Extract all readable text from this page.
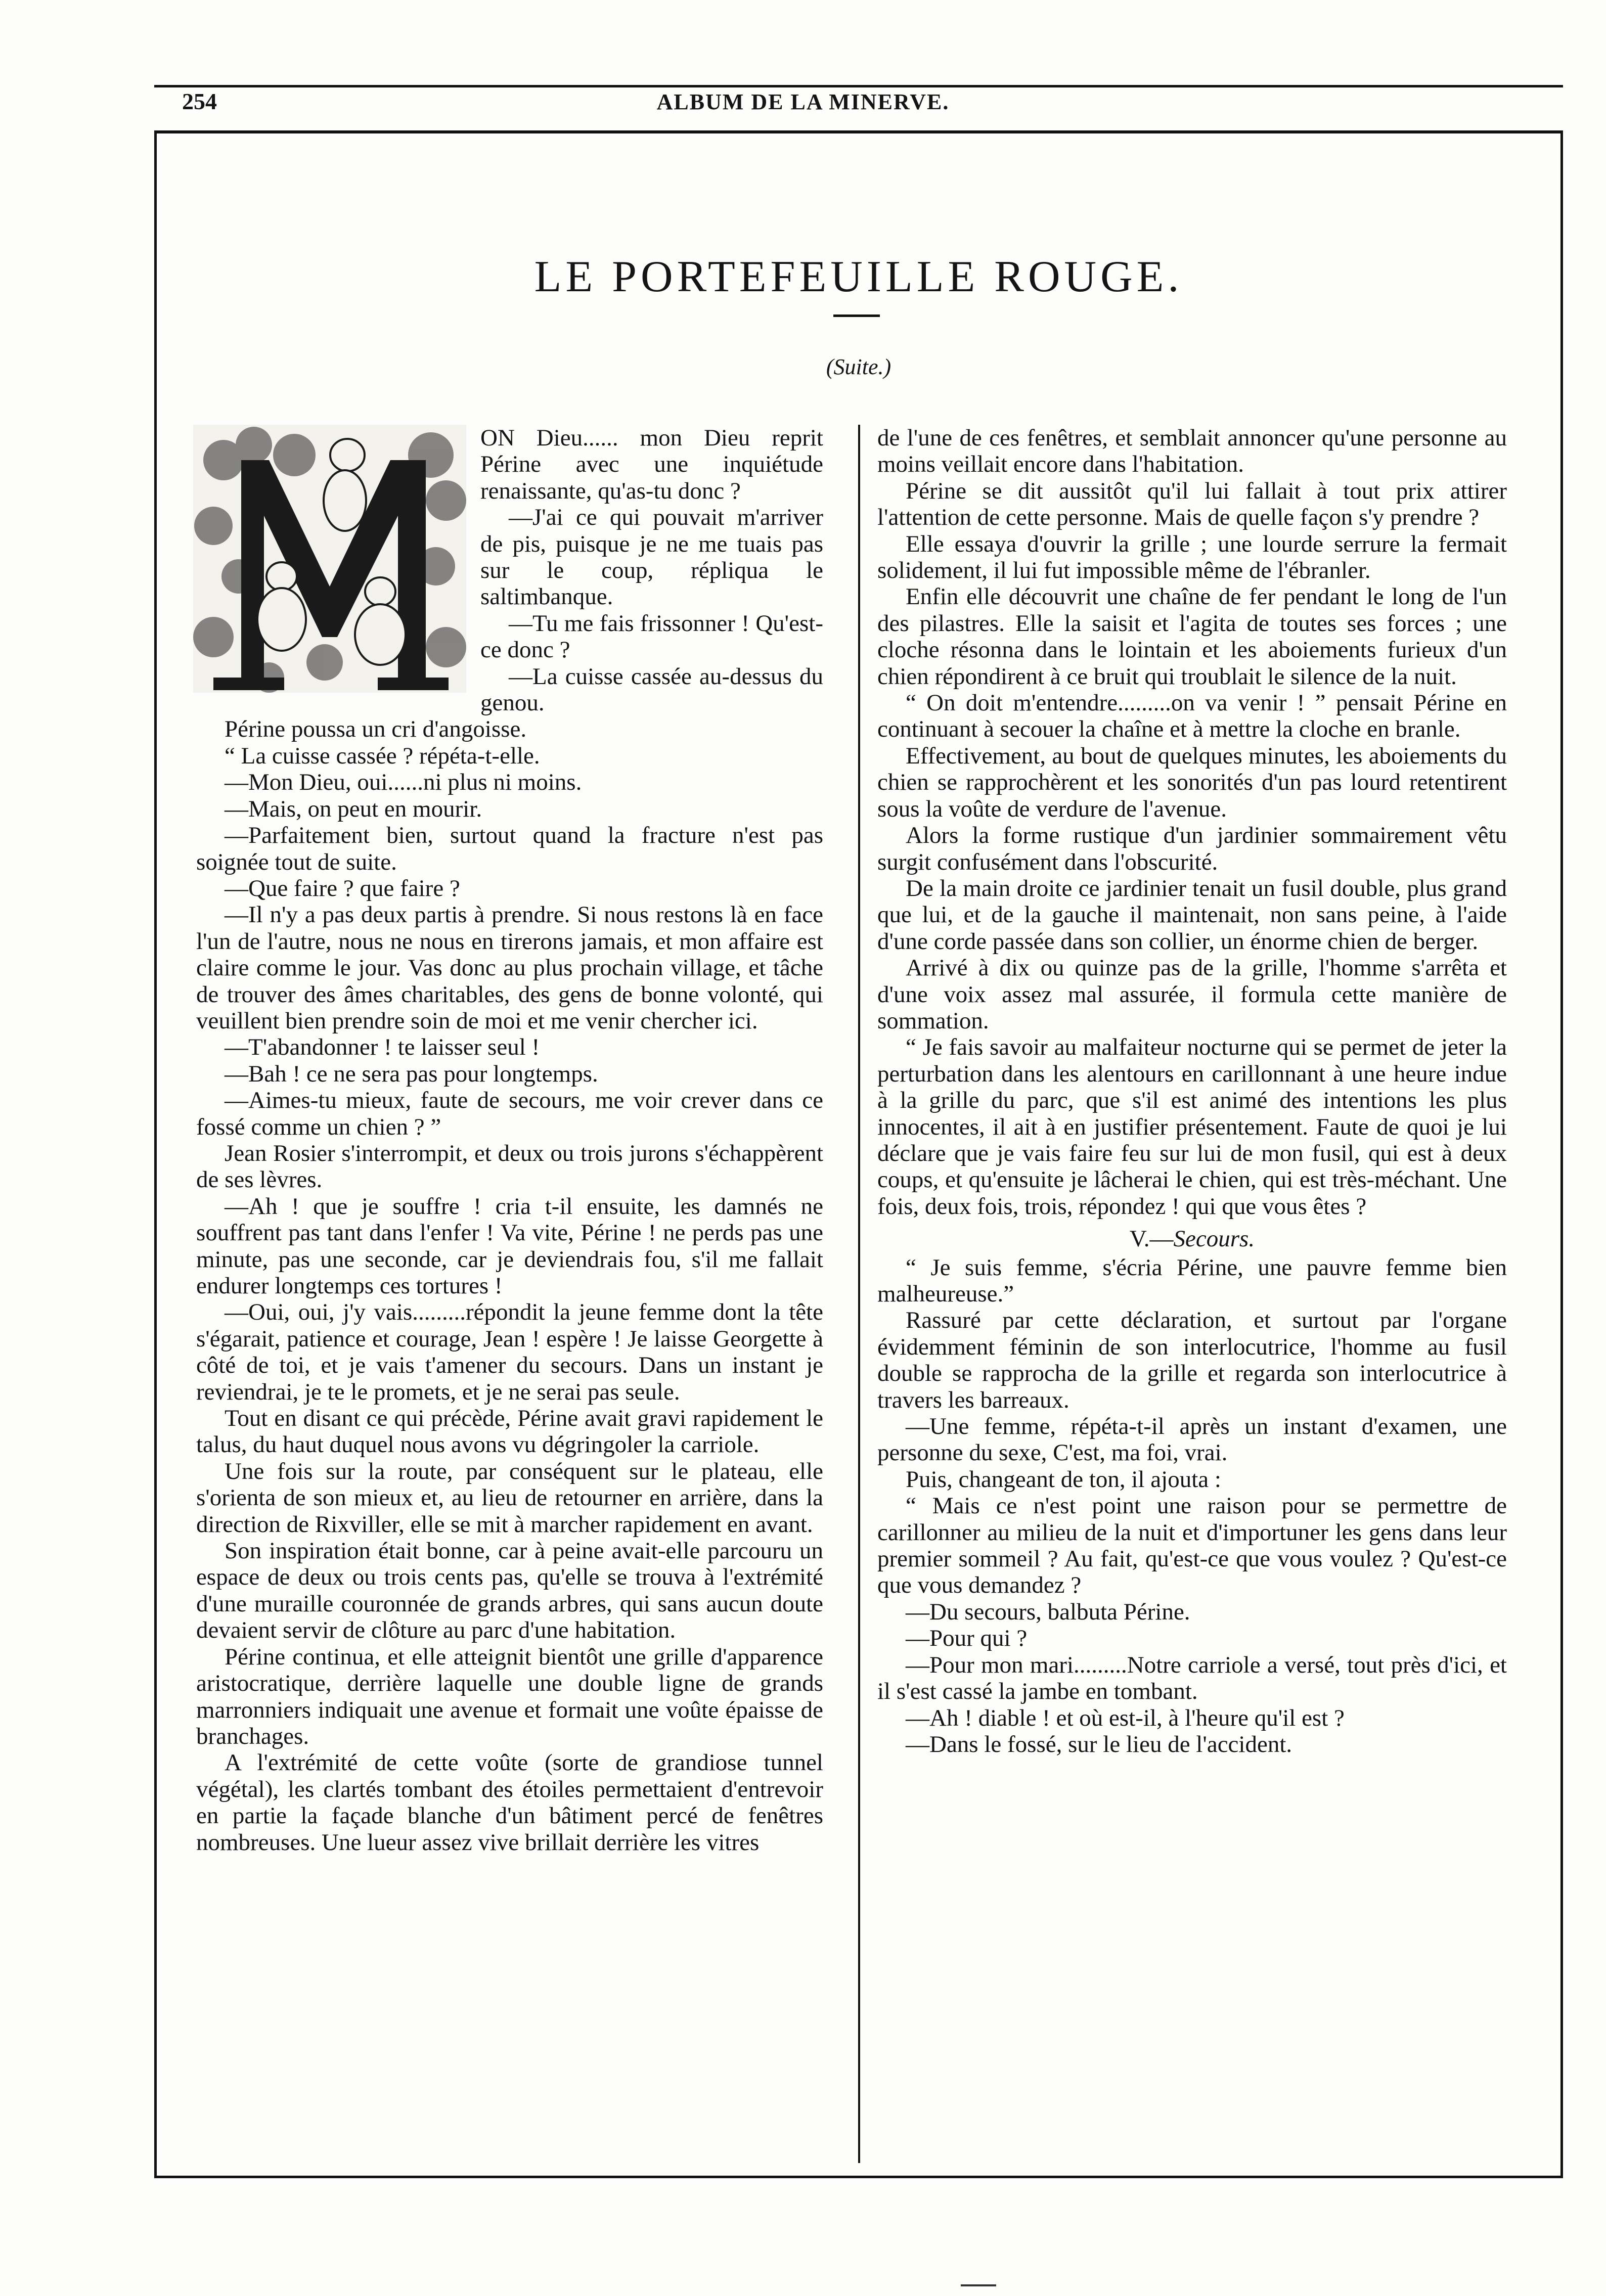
254	ALBUM DE LA MINERVE.
LE PORTEFEUILLE ROUGE.
(Suite.)

ON Dieu...... mon Dieu reprit Périne avec une inquiétude renaissante, qu'as-tu donc ?

—J'ai ce qui pouvait m'arriver de pis, puisque je ne me tuais pas sur le coup, répliqua le saltimbanque.

—Tu me fais frissonner ! Qu'est-ce donc ?

—La cuisse cassée au-dessus du genou.

Périne poussa un cri d'angoisse.

“ La cuisse cassée ? répéta-t-elle.

—Mon Dieu, oui......ni plus ni moins.

—Mais, on peut en mourir.

—Parfaitement bien, surtout quand la fracture n'est pas soignée tout de suite.

—Que faire ? que faire ?

—Il n'y a pas deux partis à prendre. Si nous restons là en face l'un de l'autre, nous ne nous en tirerons jamais, et mon affaire est claire comme le jour. Vas donc au plus prochain village, et tâche de trouver des âmes charitables, des gens de bonne volonté, qui veuillent bien prendre soin de moi et me venir chercher ici.

—T'abandonner ! te laisser seul !

—Bah ! ce ne sera pas pour longtemps.

—Aimes-tu mieux, faute de secours, me voir crever dans ce fossé comme un chien ? ”

Jean Rosier s'interrompit, et deux ou trois jurons s'échappèrent de ses lèvres.

—Ah ! que je souffre ! cria t-il ensuite, les damnés ne souffrent pas tant dans l'enfer ! Va vite, Périne ! ne perds pas une minute, pas une seconde, car je deviendrais fou, s'il me fallait endurer longtemps ces tortures !

—Oui, oui, j'y vais.........répondit la jeune femme dont la tête s'égarait, patience et courage, Jean ! espère ! Je laisse Georgette à côté de toi, et je vais t'amener du secours. Dans un instant je reviendrai, je te le promets, et je ne serai pas seule.

Tout en disant ce qui précède, Périne avait gravi rapidement le talus, du haut duquel nous avons vu dégringoler la carriole.

Une fois sur la route, par conséquent sur le plateau, elle s'orienta de son mieux et, au lieu de retourner en arrière, dans la direction de Rixviller, elle se mit à marcher rapidement en avant.

Son inspiration était bonne, car à peine avait-elle parcouru un espace de deux ou trois cents pas, qu'elle se trouva à l'extrémité d'une muraille couronnée de grands arbres, qui sans aucun doute devaient servir de clôture au parc d'une habitation.

Périne continua, et elle atteignit bientôt une grille d'apparence aristocratique, derrière laquelle une double ligne de grands marronniers indiquait une avenue et formait une voûte épaisse de branchages.

A l'extrémité de cette voûte (sorte de grandiose tunnel végétal), les clartés tombant des étoiles permettaient d'entrevoir en partie la façade blanche d'un bâtiment percé de fenêtres nombreuses. Une lueur assez vive brillait derrière les vitres

de l'une de ces fenêtres, et semblait annoncer qu'une personne au moins veillait encore dans l'habitation.

Périne se dit aussitôt qu'il lui fallait à tout prix attirer l'attention de cette personne. Mais de quelle façon s'y prendre ?

Elle essaya d'ouvrir la grille ; une lourde serrure la fermait solidement, il lui fut impossible même de l'ébranler.

Enfin elle découvrit une chaîne de fer pendant le long de l'un des pilastres. Elle la saisit et l'agita de toutes ses forces ; une cloche résonna dans le lointain et les aboiements furieux d'un chien répondirent à ce bruit qui troublait le silence de la nuit.

“ On doit m'entendre.........on va venir ! ” pensait Périne en continuant à secouer la chaîne et à mettre la cloche en branle.

Effectivement, au bout de quelques minutes, les aboiements du chien se rapprochèrent et les sonorités d'un pas lourd retentirent sous la voûte de verdure de l'avenue.

Alors la forme rustique d'un jardinier sommairement vêtu surgit confusément dans l'obscurité.

De la main droite ce jardinier tenait un fusil double, plus grand que lui, et de la gauche il maintenait, non sans peine, à l'aide d'une corde passée dans son collier, un énorme chien de berger.

Arrivé à dix ou quinze pas de la grille, l'homme s'arrêta et d'une voix assez mal assurée, il formula cette manière de sommation.

“ Je fais savoir au malfaiteur nocturne qui se permet de jeter la perturbation dans les alentours en carillonnant à une heure indue à la grille du parc, que s'il est animé des intentions les plus innocentes, il ait à en justifier présentement. Faute de quoi je lui déclare que je vais faire feu sur lui de mon fusil, qui est à deux coups, et qu'ensuite je lâcherai le chien, qui est très-méchant. Une fois, deux fois, trois, répondez ! qui que vous êtes ?

V.—Secours.

“ Je suis femme, s'écria Périne, une pauvre femme bien malheureuse.”

Rassuré par cette déclaration, et surtout par l'organe évidemment féminin de son interlocutrice, l'homme au fusil double se rapprocha de la grille et regarda son interlocutrice à travers les barreaux.

—Une femme, répéta-t-il après un instant d'examen, une personne du sexe, C'est, ma foi, vrai.

Puis, changeant de ton, il ajouta :

“ Mais ce n'est point une raison pour se permettre de carillonner au milieu de la nuit et d'importuner les gens dans leur premier sommeil ? Au fait, qu'est-ce que vous voulez ? Qu'est-ce que vous demandez ?

—Du secours, balbuta Périne.

—Pour qui ?

—Pour mon mari.........Notre carriole a versé, tout près d'ici, et il s'est cassé la jambe en tombant.

—Ah ! diable ! et où est-il, à l'heure qu'il est ?

—Dans le fossé, sur le lieu de l'accident.
